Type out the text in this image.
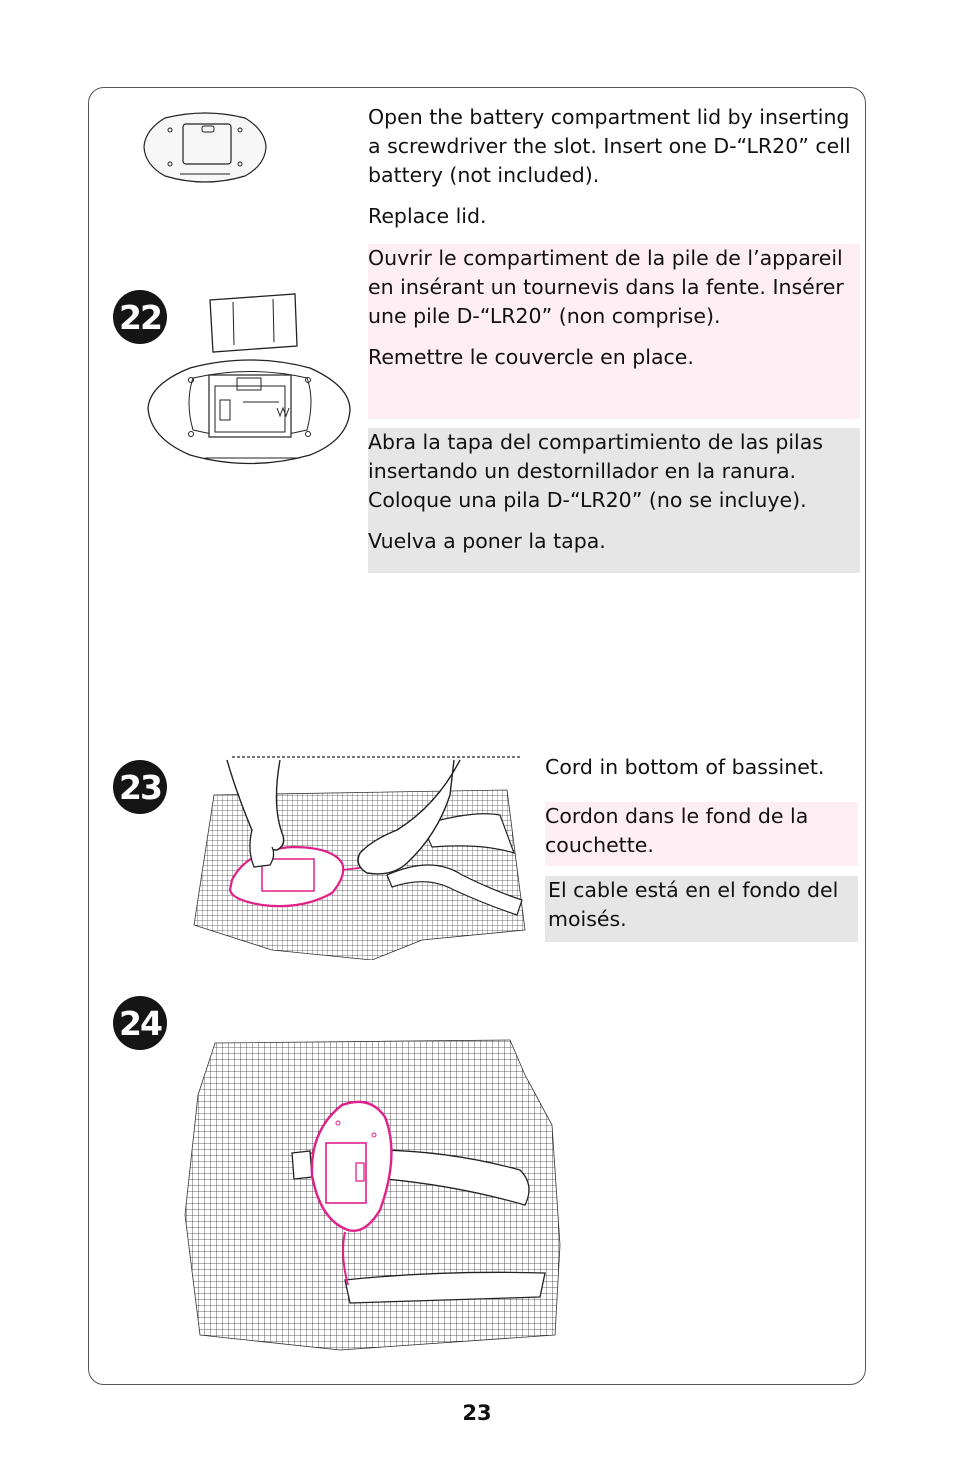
22

Open the battery compartment lid by inserting a screwdriver the slot. Insert one D-“LR20” cell battery (not included).

Replace lid.

Ouvrir le compartiment de la pile de l’appareil en insérant un tournevis dans la fente. Insérer une pile D-“LR20” (non comprise).

Remettre le couvercle en place.

Abra la tapa del compartimiento de las pilas insertando un destornillador en la ranura. Coloque una pila D-“LR20” (no se incluye).

Vuelva a poner la tapa.

23

Cord in bottom of bassinet.

Cordon dans le fond de la couchette.

El cable está en el fondo del moisés.

24
23
